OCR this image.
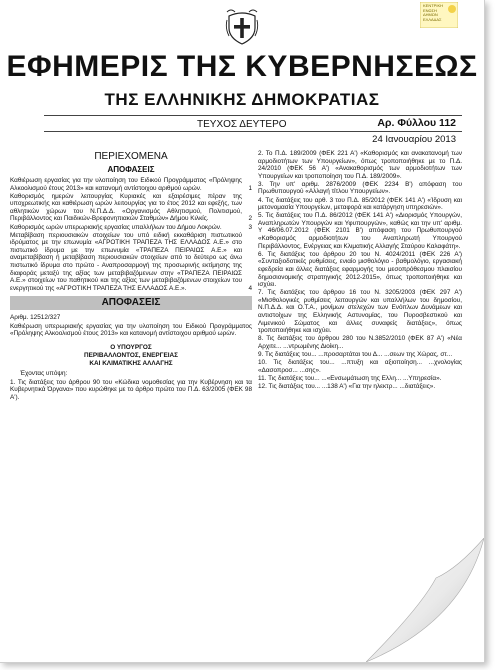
ΚΕΝΤΡΙΚΗ
ΕΝΩΣΗ
ΔΗΜΩΝ
ΕΛΛΑΔΑΣ
ΕΦΗΜΕΡΙΣ ΤΗΣ ΚΥΒΕΡΝΗΣΕΩΣ
ΤΗΣ ΕΛΛΗΝΙΚΗΣ ΔΗΜΟΚΡΑΤΙΑΣ
ΤΕΥΧΟΣ ΔΕΥΤΕΡΟ	Αρ. Φύλλου 112
24 Ιανουαρίου 2013
ΠΕΡΙΕΧΟΜΕΝΑ
ΑΠΟΦΑΣΕΙΣ

Καθιέρωση εργασίας για την υλοποίηση του Ειδικού Προγράμματος «Πρόληψης Αλκοολισμού έτους 2013» και κατανομή αντίστοιχου αριθμού ωρών.	1

Καθορισμός ημερών λειτουργίας Κυριακές και εξαιρέσιμες πέραν της υποχρεωτικής και καθιέρωση ωρών λειτουργίας για το έτος 2012 και εφεξής, των αθλητικών χώρων του Ν.Π.Δ.Δ. «Οργανισμός Αθλητισμού, Πολιτισμού, Περιβάλλοντος και Παιδικών-Βρεφονηπιακών Σταθμών» Δήμου Κιλκίς.	2

Καθορισμός ωρών υπερωριακής εργασίας υπαλλήλων του Δήμου Λοκρών.	3

Μεταβίβαση περιουσιακών στοιχείων του υπό ειδική εκκαθάριση πιστωτικού ιδρύματος με την επωνυμία «ΑΓΡΟΤΙΚΗ ΤΡΑΠΕΖΑ ΤΗΣ ΕΛΛΑΔΟΣ Α.Ε.» στο πιστωτικό ίδρυμα με την επωνυμία «ΤΡΑΠΕΖΑ ΠΕΙΡΑΙΩΣ Α.Ε.» και αναμεταβίβαση ή μεταβίβαση περιουσιακών στοιχείων από το δεύτερο ως άνω πιστωτικό ίδρυμα στο πρώτο - Αναπροσαρμογή της προσωρινής εκτίμησης της διαφοράς μεταξύ της αξίας των μεταβιβαζόμενων στην «ΤΡΑΠΕΖΑ ΠΕΙΡΑΙΩΣ Α.Ε.» στοιχείων του παθητικού και της αξίας των μεταβιβαζόμενων στοιχείων του ενεργητικού της «ΑΓΡΟΤΙΚΗ ΤΡΑΠΕΖΑ ΤΗΣ ΕΛΛΑΔΟΣ Α.Ε.».	4

ΑΠΟΦΑΣΕΙΣ

Αριθμ. 12512/327

Καθιέρωση υπερωριακής εργασίας για την υλοποίηση του Ειδικού Προγράμματος «Πρόληψης Αλκοολισμού έτους 2013» και κατανομή αντίστοιχου αριθμού ωρών.

Ο ΥΠΟΥΡΓΟΣ

ΠΕΡΙΒΑΛΛΟΝΤΟΣ, ΕΝΕΡΓΕΙΑΣ

ΚΑΙ ΚΛΙΜΑΤΙΚΗΣ ΑΛΛΑΓΗΣ

Έχοντας υπόψη:

1. Τις διατάξεις του άρθρου 90 του «Κώδικα νομοθεσίας για την Κυβέρνηση και τα Κυβερνητικά Όργανα» που κυρώθηκε με το άρθρο πρώτο του Π.Δ. 63/2005 (ΦΕΚ 98 Α').

2. Το Π.Δ. 189/2009 (ΦΕΚ 221 Α') «Καθορισμός και ανακατανομή των αρμοδιοτήτων των Υπουργείων», όπως τροποποιήθηκε με το Π.Δ. 24/2010 (ΦΕΚ 56 Α') «Ανακαθορισμός των αρμοδιοτήτων των Υπουργείων και τροποποίηση του Π.Δ. 189/2009».

3. Την υπ' αριθμ. 2876/2009 (ΦΕΚ 2234 Β') απόφαση του Πρωθυπουργού «Αλλαγή τίτλου Υπουργείων».

4. Τις διατάξεις του αρθ. 3 του Π.Δ. 85/2012 (ΦΕΚ 141 Α') «Ίδρυση και μετονομασία Υπουργείων, μεταφορά και κατάργηση υπηρεσιών».

5. Τις διατάξεις του Π.Δ. 86/2012 (ΦΕΚ 141 Α') «Διορισμός Υπουργών, Αναπληρωτών Υπουργών και Υφυπουργών», καθώς και την υπ' αριθμ. Υ 46/06.07.2012 (ΦΕΚ 2101 Β') απόφαση του Πρωθυπουργού «Καθορισμός αρμοδιοτήτων του Αναπληρωτή Υπουργού Περιβάλλοντος, Ενέργειας και Κλιματικής Αλλαγής Σταύρου Καλαφάτη».

6. Τις διατάξεις του άρθρου 20 του Ν. 4024/2011 (ΦΕΚ 226 Α') «Συνταξιοδοτικές ρυθμίσεις, ενιαίο μισθολόγιο - βαθμολόγιο, εργασιακή εφεδρεία και άλλες διατάξεις εφαρμογής του μεσοπρόθεσμου πλαισίου δημοσιονομικής στρατηγικής 2012-2015», όπως τροποποιήθηκε και ισχύει.

7. Τις διατάξεις του άρθρου 16 του Ν. 3205/2003 (ΦΕΚ 297 Α') «Μισθολογικές ρυθμίσεις λειτουργών και υπαλλήλων του δημοσίου, Ν.Π.Δ.Δ. και Ο.Τ.Α., μονίμων στελεχών των Ενόπλων Δυνάμεων και αντιστοίχων της Ελληνικής Αστυνομίας, του Πυροσβεστικού και Λιμενικού Σώματος και άλλες συναφείς διατάξεις», όπως τροποποιήθηκε και ισχύει.

8. Τις διατάξεις του άρθρου 280 του Ν.3852/2010 (ΦΕΚ 87 Α') «Νέα Αρχιτε... ...ντρωμένης Διοίκη...

9. Τις διατάξεις του... ...προσαρτάται του Δ... ...σεων της Χώρας, στ...

10. Τις διατάξεις του... ...πτυξη και αξιοποίηση... ...χνολογίας «Δασοπροσ... ...σης».

11. Τις διατάξεις του... ...«Ενσωμάτωση της Ελλη... ...Υπηρεσία».

12. Τις διατάξεις του... ...138 Α') «Για την ηλεκτρ... ...διατάξεις».
